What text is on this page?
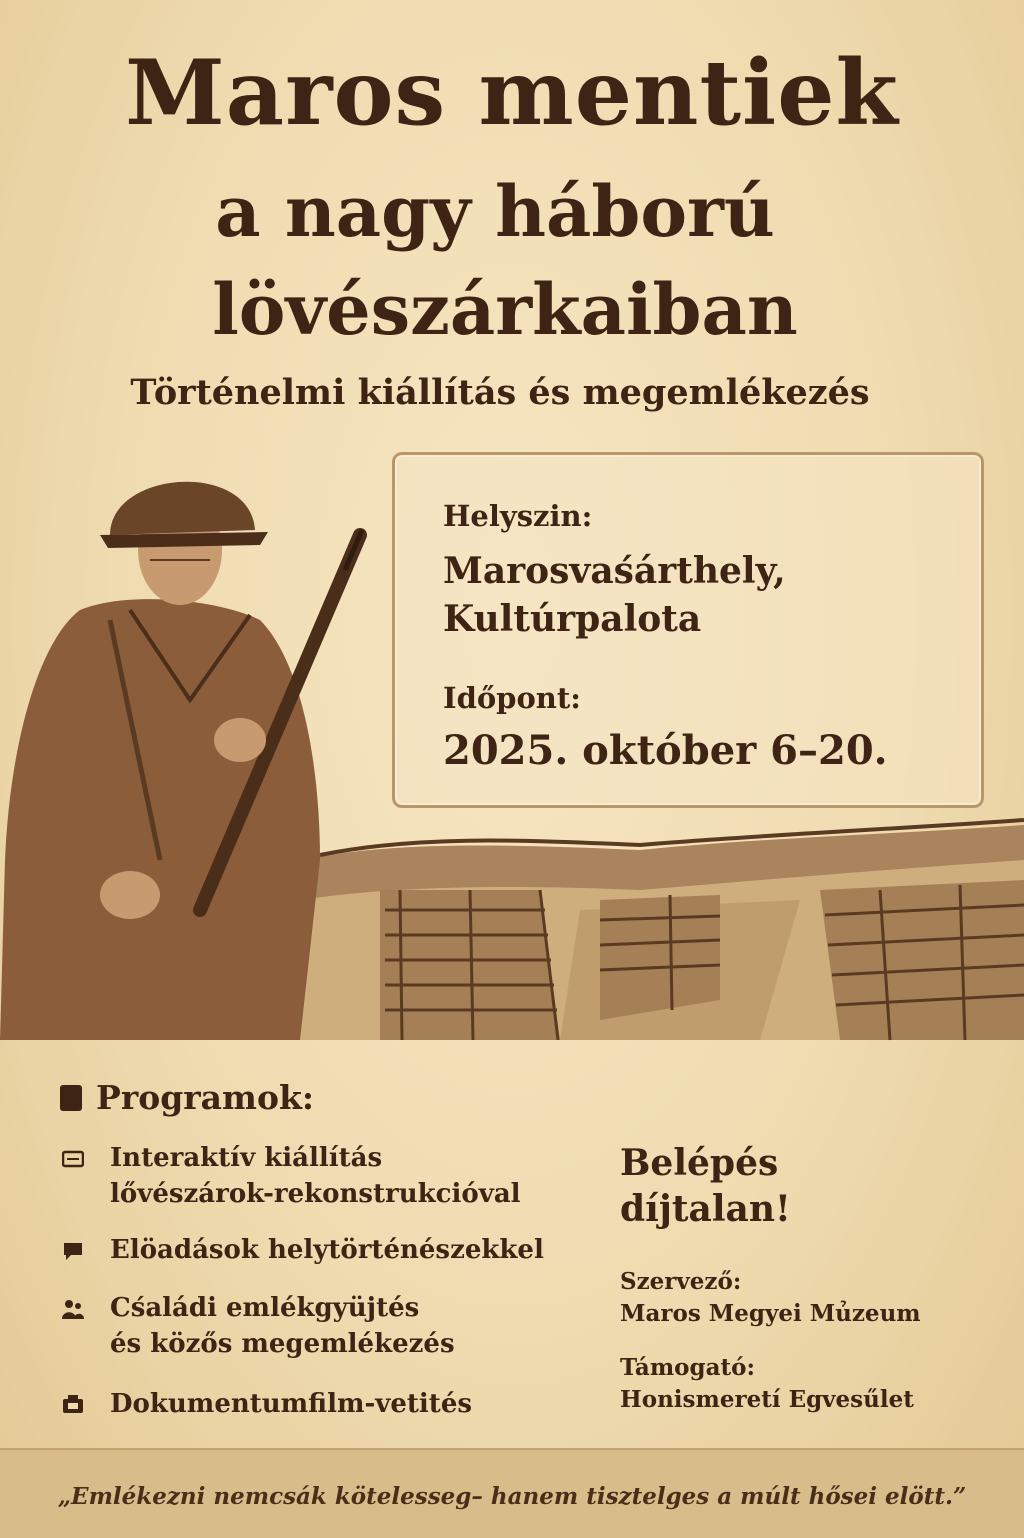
Maros mentiek
a nagy háború
lövészárkaiban
Történelmi kiállítás és megemlékezés
Helyszin:
Marosvaśárthely,
Kultúrpalota
Időpont:
2025. október 6–20.
Programok:
Interaktív kiállítás
lővészárok-rekonstrukcióval
Elöadások helytörténészekkel
Cśaládi emlékgyüjtés
és közős megemlékezés
Dokumentumfilm-vetités
Belépés
díjtalan!
Szervező:
Maros Megyei Mủzeum
Támogató:
Honismeretí Egvesűlet
„Emlékezni nemcsák kötelesseg– hanem tisztelges a múlt hősei elött.”
